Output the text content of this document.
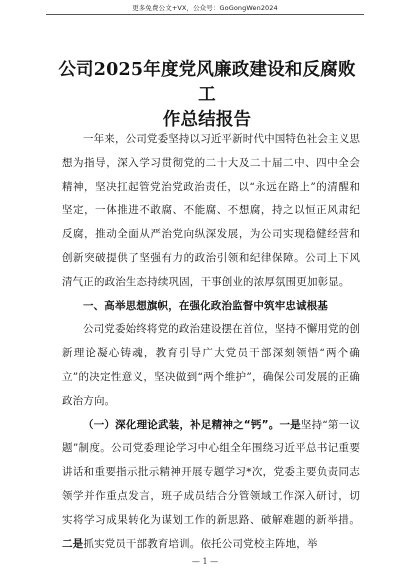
更多免费公文+VX，公众号：GoGongWen2024
公司2025年度党风廉政建设和反腐败工
作总结报告

一年来，公司党委坚持以习近平新时代中国特色社会主义思想为指导，深入学习贯彻党的二十大及二十届二中、四中全会精神，坚决扛起管党治党政治责任，以“永远在路上”的清醒和坚定，一体推进不敢腐、不能腐、不想腐，持之以恒正风肃纪反腐，推动全面从严治党向纵深发展，为公司实现稳健经营和创新突破提供了坚强有力的政治引领和纪律保障。公司上下风清气正的政治生态持续巩固，干事创业的浓厚氛围更加彰显。

一、高举思想旗帜，在强化政治监督中筑牢忠诚根基

公司党委始终将党的政治建设摆在首位，坚持不懈用党的创新理论凝心铸魂，教育引导广大党员干部深刻领悟“两个确立”的决定性意义，坚决做到“两个维护”，确保公司发展的正确政治方向。

（一）深化理论武装，补足精神之“钙”。一是坚持“第一议题”制度。公司党委理论学习中心组全年围绕习近平总书记重要讲话和重要指示批示精神开展专题学习*次，党委主要负责同志领学并作重点发言，班子成员结合分管领域工作深入研讨，切实将学习成果转化为谋划工作的新思路、破解难题的新举措。二是抓实党员干部教育培训。依托公司党校主阵地，举

— 1 —
